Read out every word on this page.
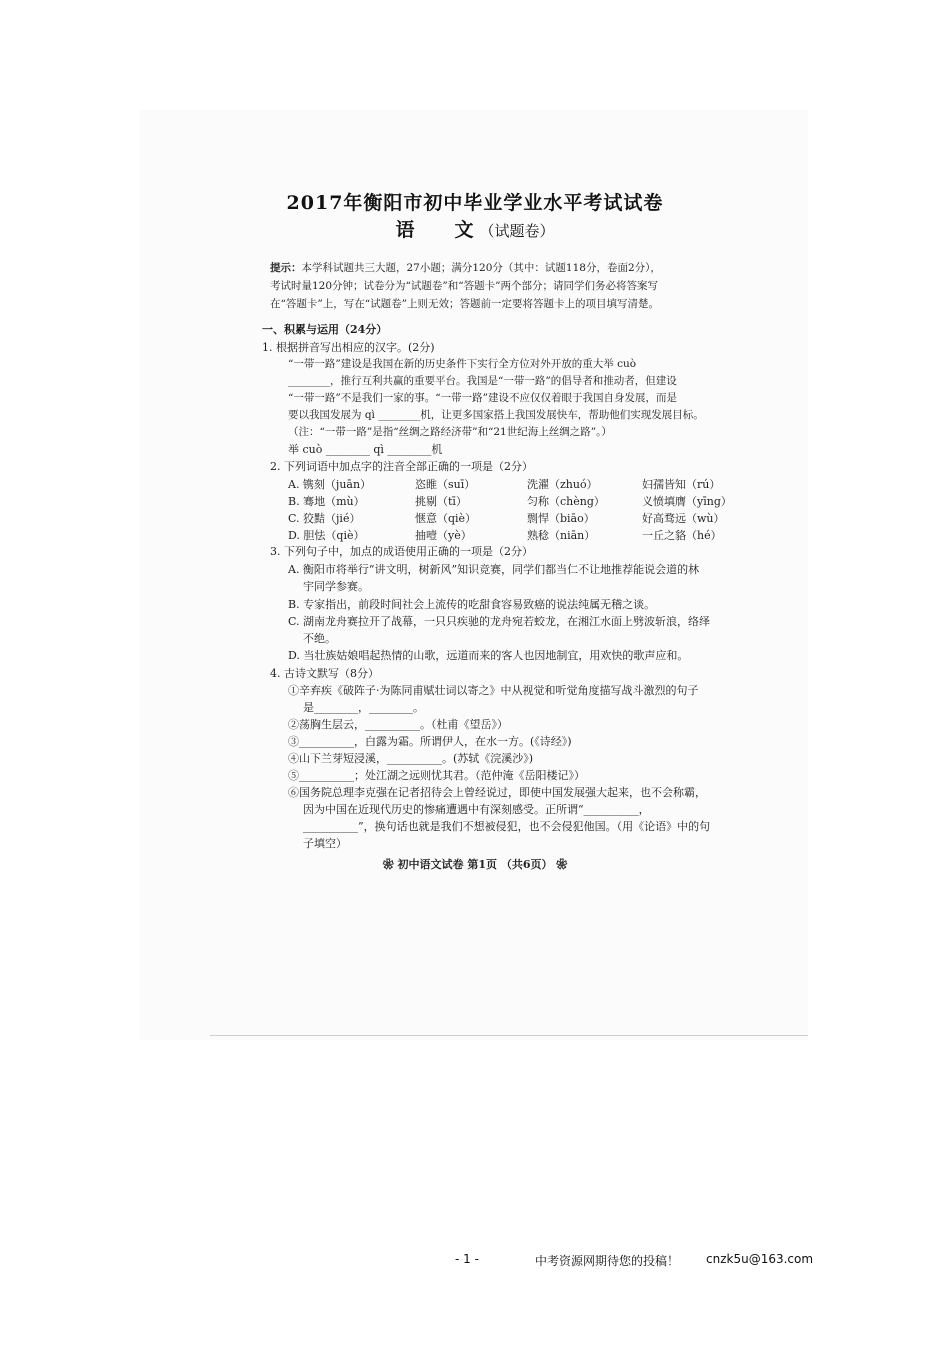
2017年衡阳市初中毕业学业水平考试试卷
语 文 （试题卷）
提示：本学科试题共三大题，27小题；满分120分（其中：试题118分，卷面2分），
考试时量120分钟；试卷分为“试题卷”和“答题卡”两个部分；请同学们务必将答案写
在“答题卡”上，写在“试题卷”上则无效；答题前一定要将答题卡上的项目填写清楚。
一、积累与运用（24分）
1. 根据拼音写出相应的汉字。(2分)
“一带一路”建设是我国在新的历史条件下实行全方位对外开放的重大举 cuò
________，推行互利共赢的重要平台。我国是“一带一路”的倡导者和推动者，但建设
“一带一路”不是我们一家的事。“一带一路”建设不应仅仅着眼于我国自身发展，而是
要以我国发展为 qì ________机，让更多国家搭上我国发展快车，帮助他们实现发展目标。
（注：“一带一路”是指“丝绸之路经济带”和“21世纪海上丝绸之路”。）
举 cuò ________ qì ________机
2. 下列词语中加点字的注音全部正确的一项是（2分）
A. 镌刻（juān）	恣睢（suī）	洗濯（zhuó）	妇孺皆知（rú）
B. 骞地（mù）	挑剔（tī）	匀称（chèng）	义愤填膺（yīng）
C. 狡黠（jié）	惬意（qiè）	剽悍（biāo）	好高骛远（wù）
D. 胆怯（qiè）	抽噎（yè）	熟稔（niān）	一丘之貉（hé）
3. 下列句子中，加点的成语使用正确的一项是（2分）
A. 衡阳市将举行“讲文明，树新风”知识竞赛，同学们都当仁不让地推荐能说会道的林
宇同学参赛。
B. 专家指出，前段时间社会上流传的吃甜食容易致癌的说法纯属无稽之谈。
C. 湖南龙舟赛拉开了战幕，一只只疾驰的龙舟宛若蛟龙，在湘江水面上劈波斩浪，络绎
不绝。
D. 当壮族姑娘唱起热情的山歌，远道而来的客人也因地制宜，用欢快的歌声应和。
4. 古诗文默写（8分）
①辛弃疾《破阵子·为陈同甫赋壮词以寄之》中从视觉和听觉角度描写战斗激烈的句子
是________，________。
②荡胸生层云，__________。（杜甫《望岳》）
③__________，白露为霜。所谓伊人，在水一方。(《诗经》)
④山下兰芽短浸溪，__________。(苏轼《浣溪沙》)
⑤__________；处江湖之远则忧其君。（范仲淹《岳阳楼记》）
⑥国务院总理李克强在记者招待会上曾经说过，即使中国发展强大起来，也不会称霸，
因为中国在近现代历史的惨痛遭遇中有深刻感受。正所谓“__________，
__________”，换句话也就是我们不想被侵犯，也不会侵犯他国。（用《论语》中的句
子填空）
❀ 初中语文试卷 第1页 （共6页） ❀
- 1 -	中考资源网期待您的投稿！ cnzk5u@163.com
